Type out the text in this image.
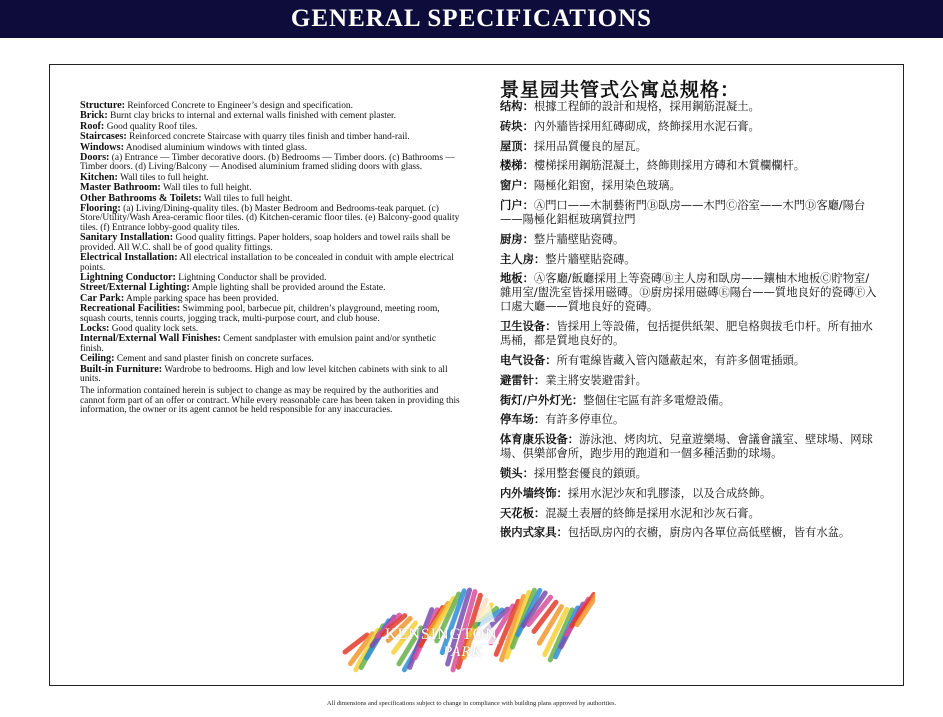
GENERAL SPECIFICATIONS

Structure: Reinforced Concrete to Engineer’s design and specification.

Brick: Burnt clay bricks to internal and external walls finished with cement plaster.

Roof: Good quality Roof tiles.

Staircases: Reinforced concrete Staircase with quarry tiles finish and timber hand-rail.

Windows: Anodised aluminium windows with tinted glass.

Doors: (a) Entrance — Timber decorative doors. (b) Bedrooms — Timber doors. (c) Bathrooms — Timber doors. (d) Living/Balcony — Anodised aluminium framed sliding doors with glass.

Kitchen: Wall tiles to full height.

Master Bathroom: Wall tiles to full height.

Other Bathrooms & Toilets: Wall tiles to full height.

Flooring: (a) Living/Dining-quality tiles. (b) Master Bedroom and Bedrooms-teak parquet. (c) Store/Utility/Wash Area-ceramic floor tiles. (d) Kitchen-ceramic floor tiles. (e) Balcony-good quality tiles. (f) Entrance lobby-good quality tiles.

Sanitary Installation: Good quality fittings. Paper holders, soap holders and towel rails shall be provided. All W.C. shall be of good quality fittings.

Electrical Installation: All electrical installation to be concealed in conduit with ample electrical points.

Lightning Conductor: Lightning Conductor shall be provided.

Street/External Lighting: Ample lighting shall be provided around the Estate.

Car Park: Ample parking space has been provided.

Recreational Facilities: Swimming pool, barbecue pit, children’s playground, meeting room, squash courts, tennis courts, jogging track, multi-purpose court, and club house.

Locks: Good quality lock sets.

Internal/External Wall Finishes: Cement sandplaster with emulsion paint and/or synthetic finish.

Ceiling: Cement and sand plaster finish on concrete surfaces.

Built-in Furniture: Wardrobe to bedrooms. High and low level kitchen cabinets with sink to all units.

The information contained herein is subject to change as may be required by the authorities and cannot form part of an offer or contract. While every reasonable care has been taken in providing this information, the owner or its agent cannot be held responsible for any inaccuracies.

景星园共管式公寓总规格：

结构：根據工程師的設計和規格，採用鋼筋混凝土。

砖块：內外牆皆採用紅磚砌成，終飾採用水泥石膏。

屋顶：採用品質優良的屋瓦。

楼梯：樓梯採用鋼筋混凝土，終飾則採用方磚和木質欄欄杆。

窗户：陽極化鋁窗，採用染色玻璃。

门户：Ⓐ門口——木制藝術門Ⓑ臥房——木門Ⓒ浴室——木門Ⓓ客廳/陽台——陽極化鋁框玻璃質拉門

厨房：整片牆壁貼瓷磚。

主人房：整片牆壁貼瓷磚。

地板：Ⓐ客廳/飯廳採用上等瓷磚Ⓑ主人房和臥房——鑲柚木地板Ⓒ貯物室/雜用室/盥洗室皆採用磁磚。Ⓓ廚房採用磁磚Ⓔ陽台——質地良好的瓷磚Ⓕ入口處大廳——質地良好的瓷磚。

卫生设备：皆採用上等設備，包括提供紙架、肥皂格與拔毛巾杆。所有抽水馬桶，都是質地良好的。

电气设备：所有電線皆藏入管內隱蔽起來，有許多個電插頭。

避雷针：業主將安裝避雷針。

街灯/户外灯光：整個住宅區有許多電燈設備。

停车场：有許多停車位。

体育康乐设备：游泳池、烤肉坑、兒童遊樂場、會議會議室、壁球場、网球場、俱樂部會所，跑步用的跑道和一個多種活動的球場。

锁头：採用整套優良的鎖頭。

内外墙终饰：採用水泥沙灰和乳膠漆，以及合成終飾。

天花板：混凝土表層的終飾是採用水泥和沙灰石膏。

嵌内式家具：包括臥房內的衣櫥，廚房內各單位高低壁櫥，皆有水盆。

KENSINGTON
PARK
All dimensions and specifications subject to change in compliance with building plans approved by authorities.
